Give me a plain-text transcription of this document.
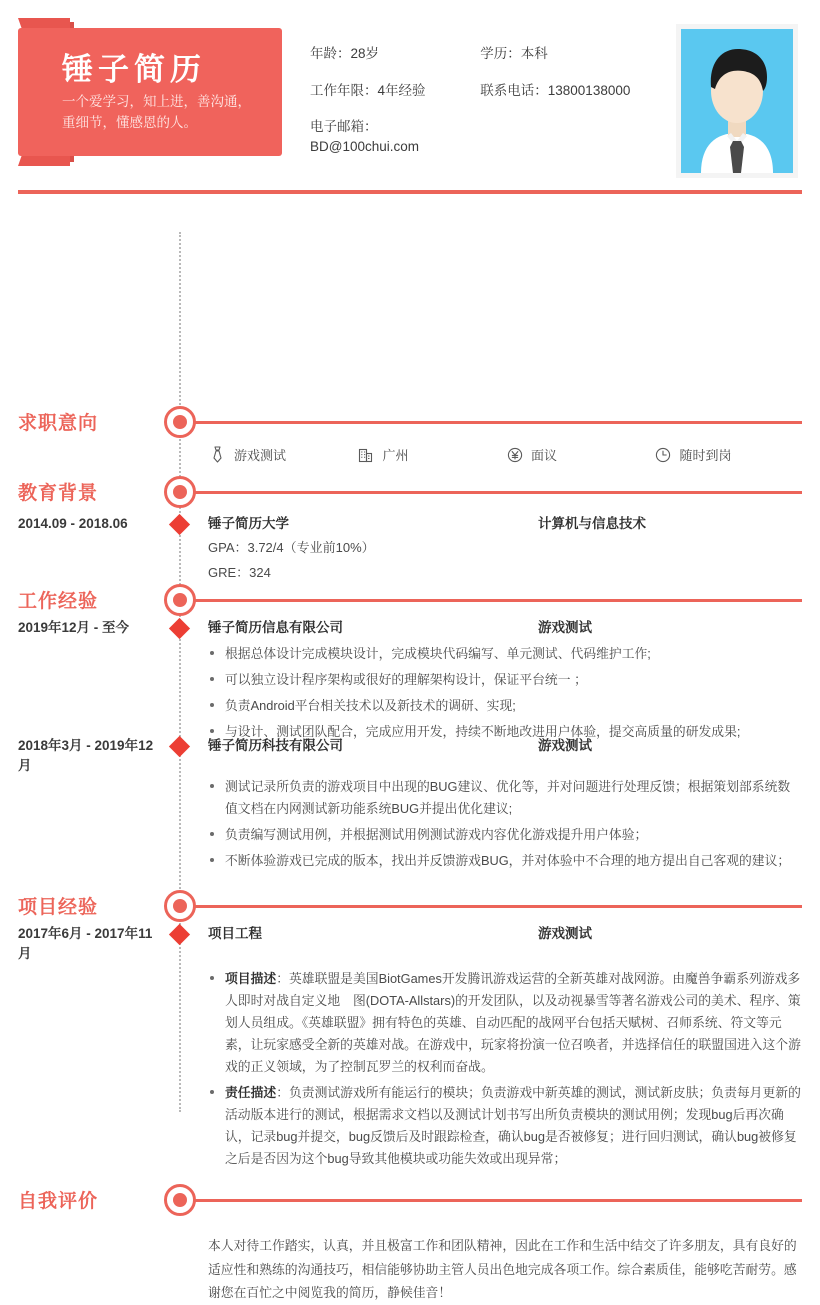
锤子简历
一个爱学习，知上进，善沟通，重细节，懂感恩的人。
年龄：28岁	学历：本科
工作年限：4年经验	联系电话：13800138000
电子邮箱：BD@100chui.com
求职意向
游戏测试	广州	面议	随时到岗
教育背景
2014.09 - 2018.06	锤子简历大学	计算机与信息技术
GPA：3.72/4（专业前10%）
GRE：324
工作经验
2019年12月 - 至今	锤子简历信息有限公司	游戏测试
根据总体设计完成模块设计，完成模块代码编写、单元测试、代码维护工作;
可以独立设计程序架构或很好的理解架构设计，保证平台统一 ；
负责Android平台相关技术以及新技术的调研、实现;
与设计、测试团队配合，完成应用开发，持续不断地改进用户体验，提交高质量的研发成果;
2018年3月 - 2019年12月
锤子简历科技有限公司	游戏测试
测试记录所负责的游戏项目中出现的BUG建议、优化等，并对问题进行处理反馈；根据策划部系统数值文档在内网测试新功能系统BUG并提出优化建议;
负责编写测试用例，并根据测试用例测试游戏内容优化游戏提升用户体验；
不断体验游戏已完成的版本，找出并反馈游戏BUG，并对体验中不合理的地方提出自己客观的建议；
项目经验
2017年6月 - 2017年11月
项目工程	游戏测试
项目描述：英雄联盟是美国BiotGames开发腾讯游戏运营的全新英雄对战网游。由魔兽争霸系列游戏多人即时对战自定义地　图(DOTA-Allstars)的开发团队，以及动视暴雪等著名游戏公司的美术、程序、策划人员组成。《英雄联盟》拥有特色的英雄、自动匹配的战网平台包括天赋树、召师系统、符文等元素，让玩家感受全新的英雄对战。在游戏中，玩家将扮演一位召唤者，并选择信任的联盟国进入这个游戏的正义领域，为了控制瓦罗兰的权利而奋战。
责任描述：负责测试游戏所有能运行的模块；负责游戏中新英雄的测试，测试新皮肤；负责每月更新的活动版本进行的测试，根据需求文档以及测试计划书写出所负责模块的测试用例；发现bug后再次确认，记录bug并提交，bug反馈后及时跟踪检查，确认bug是否被修复；进行回归测试，确认bug被修复之后是否因为这个bug导致其他模块或功能失效或出现异常；
自我评价
本人对待工作踏实，认真，并且极富工作和团队精神，因此在工作和生活中结交了许多朋友，具有良好的适应性和熟练的沟通技巧，相信能够协助主管人员出色地完成各项工作。综合素质佳，能够吃苦耐劳。感谢您在百忙之中阅览我的简历，静候佳音！
